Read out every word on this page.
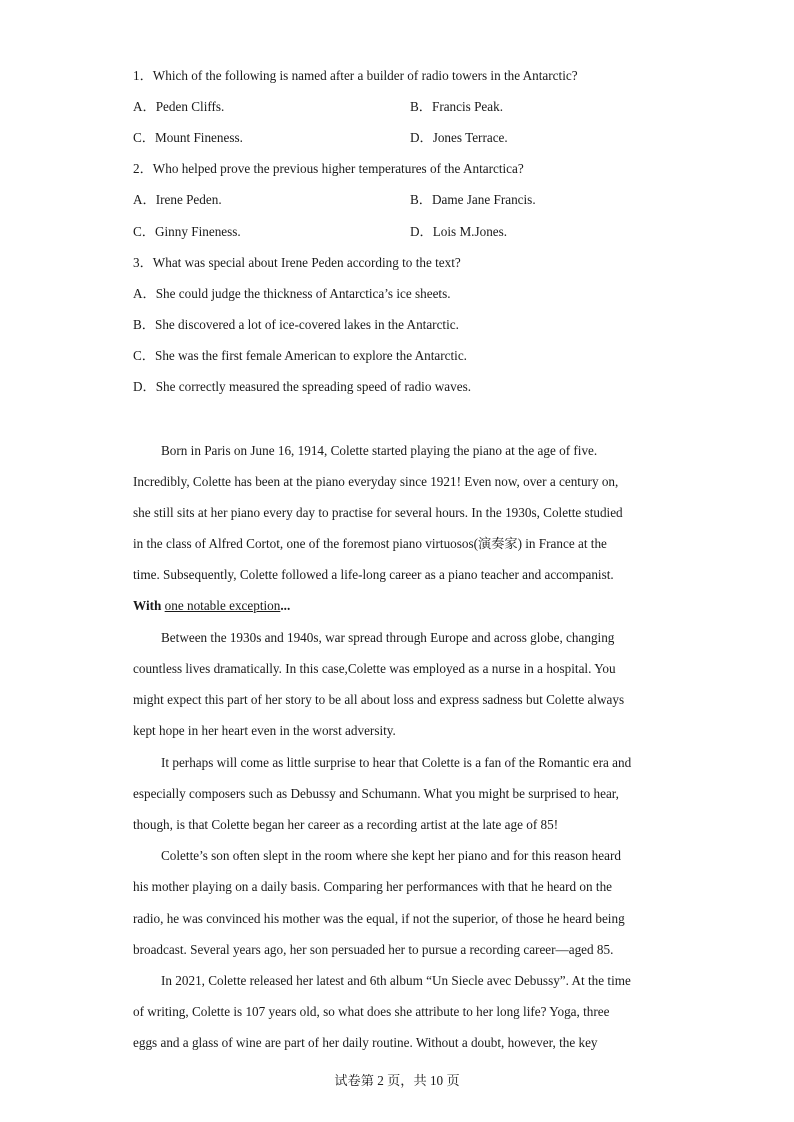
1．Which of the following is named after a builder of radio towers in the Antarctic?
A．Peden Cliffs.	B．Francis Peak.
C．Mount Fineness.	D．Jones Terrace.
2．Who helped prove the previous higher temperatures of the Antarctica?
A．Irene Peden.	B．Dame Jane Francis.
C．Ginny Fineness.	D．Lois M.Jones.
3．What was special about Irene Peden according to the text?
A．She could judge the thickness of Antarctica’s ice sheets.
B．She discovered a lot of ice-covered lakes in the Antarctic.
C．She was the first female American to explore the Antarctic.
D．She correctly measured the spreading speed of radio waves.
Born in Paris on June 16, 1914, Colette started playing the piano at the age of five.
Incredibly, Colette has been at the piano everyday since 1921! Even now, over a century on,
she still sits at her piano every day to practise for several hours. In the 1930s, Colette studied
in the class of Alfred Cortot, one of the foremost piano virtuosos(演奏家) in France at the
time. Subsequently, Colette followed a life-long career as a piano teacher and accompanist.
With one notable exception...
Between the 1930s and 1940s, war spread through Europe and across globe, changing
countless lives dramatically. In this case,Colette was employed as a nurse in a hospital. You
might expect this part of her story to be all about loss and express sadness but Colette always
kept hope in her heart even in the worst adversity.
It perhaps will come as little surprise to hear that Colette is a fan of the Romantic era and
especially composers such as Debussy and Schumann. What you might be surprised to hear,
though, is that Colette began her career as a recording artist at the late age of 85!
Colette’s son often slept in the room where she kept her piano and for this reason heard
his mother playing on a daily basis. Comparing her performances with that he heard on the
radio, he was convinced his mother was the equal, if not the superior, of those he heard being
broadcast. Several years ago, her son persuaded her to pursue a recording career—aged 85.
In 2021, Colette released her latest and 6th album “Un Siecle avec Debussy”. At the time
of writing, Colette is 107 years old, so what does she attribute to her long life? Yoga, three
eggs and a glass of wine are part of her daily routine. Without a doubt, however, the key
试卷第 2 页，共 10 页
